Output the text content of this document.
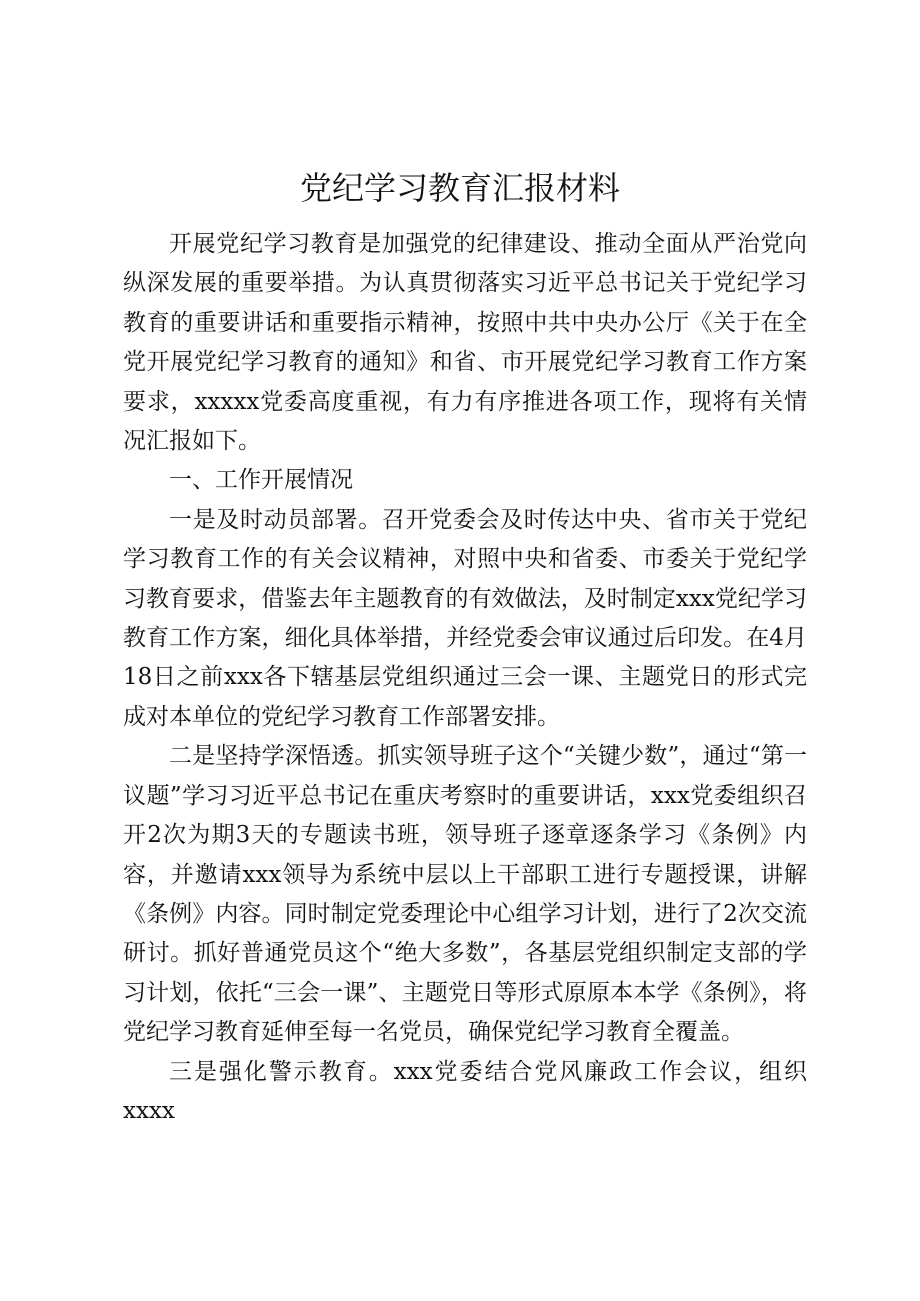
党纪学习教育汇报材料

开展党纪学习教育是加强党的纪律建设、推动全面从严治党向纵深发展的重要举措。为认真贯彻落实习近平总书记关于党纪学习教育的重要讲话和重要指示精神，按照中共中央办公厅《关于在全党开展党纪学习教育的通知》和省、市开展党纪学习教育工作方案要求，xxxxx党委高度重视，有力有序推进各项工作，现将有关情况汇报如下。

一、工作开展情况

一是及时动员部署。召开党委会及时传达中央、省市关于党纪学习教育工作的有关会议精神，对照中央和省委、市委关于党纪学习教育要求，借鉴去年主题教育的有效做法，及时制定xxx党纪学习教育工作方案，细化具体举措，并经党委会审议通过后印发。在4月18日之前xxx各下辖基层党组织通过三会一课、主题党日的形式完成对本单位的党纪学习教育工作部署安排。

二是坚持学深悟透。抓实领导班子这个“关键少数”，通过“第一议题”学习习近平总书记在重庆考察时的重要讲话，xxx党委组织召开2次为期3天的专题读书班，领导班子逐章逐条学习《条例》内容，并邀请xxx领导为系统中层以上干部职工进行专题授课，讲解《条例》内容。同时制定党委理论中心组学习计划，进行了2次交流研讨。抓好普通党员这个“绝大多数”，各基层党组织制定支部的学习计划，依托“三会一课”、主题党日等形式原原本本学《条例》，将党纪学习教育延伸至每一名党员，确保党纪学习教育全覆盖。

三是强化警示教育。xxx党委结合党风廉政工作会议，组织xxxx
